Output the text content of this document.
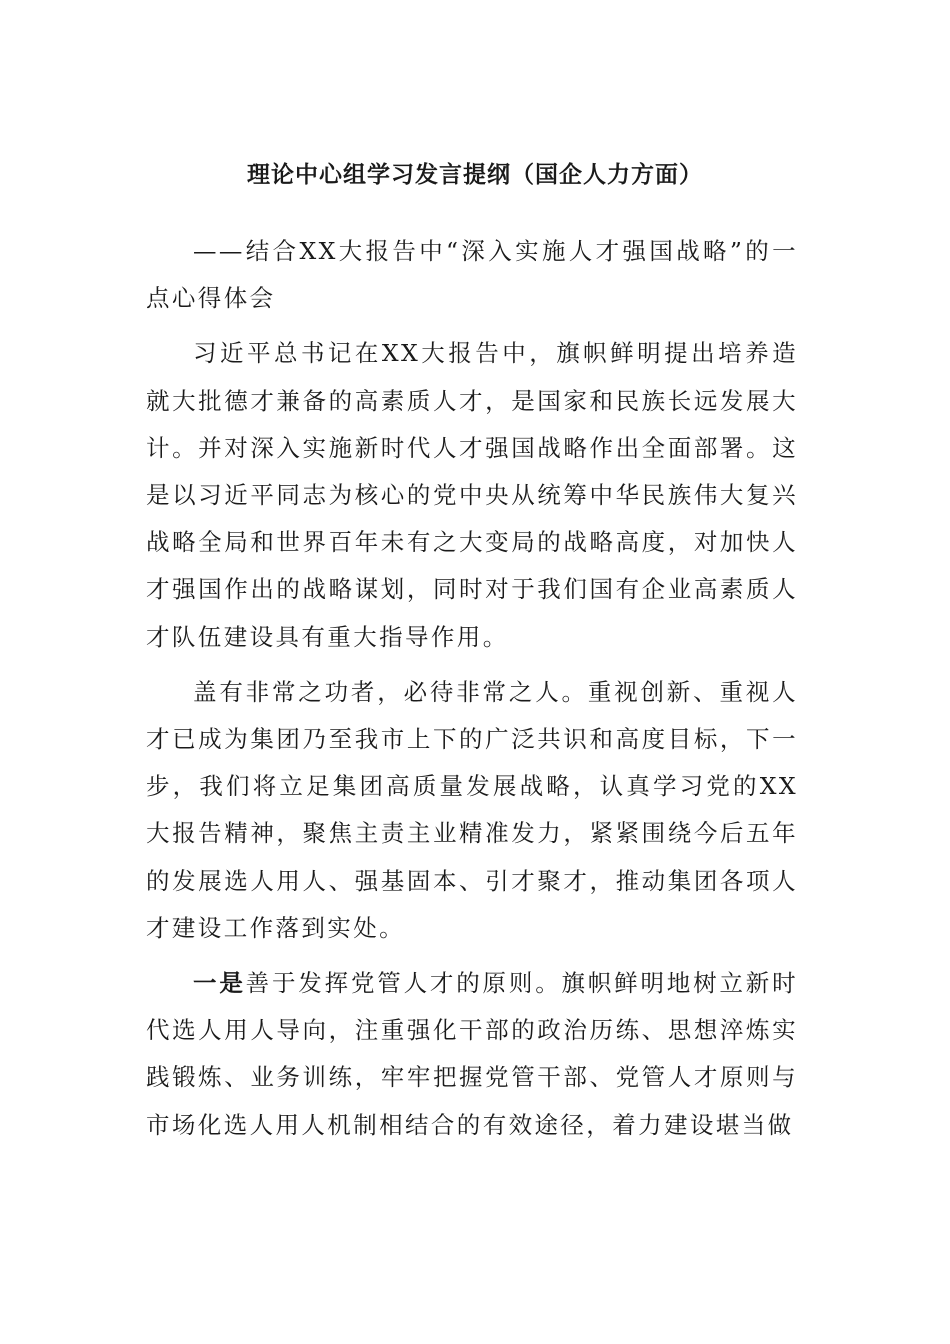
理论中心组学习发言提纲（国企人力方面）

——结合XX大报告中“深入实施人才强国战略”的一点心得体会

习近平总书记在XX大报告中，旗帜鲜明提出培养造就大批德才兼备的高素质人才，是国家和民族长远发展大计。并对深入实施新时代人才强国战略作出全面部署。这是以习近平同志为核心的党中央从统筹中华民族伟大复兴战略全局和世界百年未有之大变局的战略高度，对加快人才强国作出的战略谋划，同时对于我们国有企业高素质人才队伍建设具有重大指导作用。

盖有非常之功者，必待非常之人。重视创新、重视人才已成为集团乃至我市上下的广泛共识和高度目标，下一步，我们将立足集团高质量发展战略，认真学习党的XX大报告精神，聚焦主责主业精准发力，紧紧围绕今后五年的发展选人用人、强基固本、引才聚才，推动集团各项人才建设工作落到实处。

一是善于发挥党管人才的原则。旗帜鲜明地树立新时代选人用人导向，注重强化干部的政治历练、思想淬炼实践锻炼、业务训练，牢牢把握党管干部、党管人才原则与市场化选人用人机制相结合的有效途径，着力建设堪当做
